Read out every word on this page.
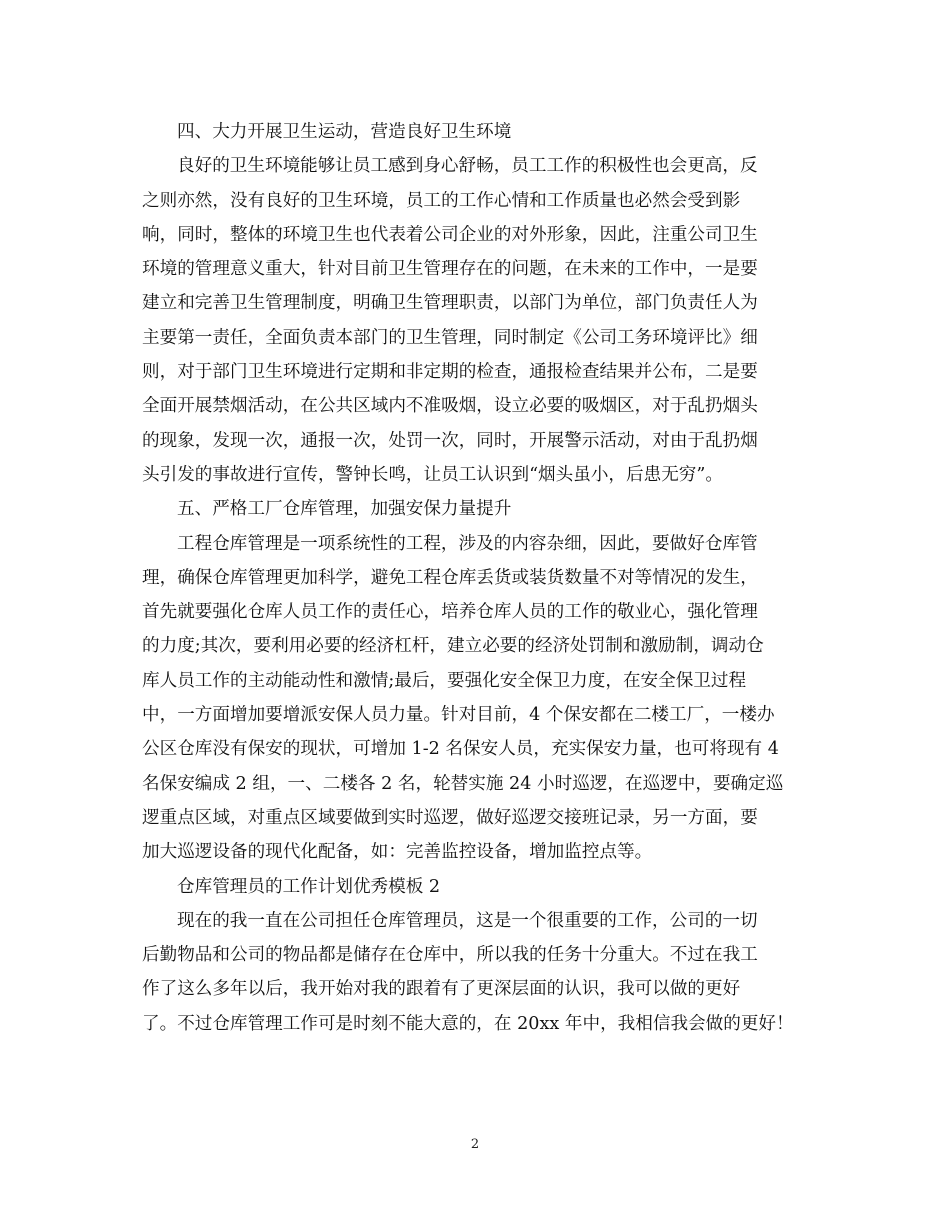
四、大力开展卫生运动，营造良好卫生环境
良好的卫生环境能够让员工感到身心舒畅，员工工作的积极性也会更高，反
之则亦然，没有良好的卫生环境，员工的工作心情和工作质量也必然会受到影
响，同时，整体的环境卫生也代表着公司企业的对外形象，因此，注重公司卫生
环境的管理意义重大，针对目前卫生管理存在的问题，在未来的工作中，一是要
建立和完善卫生管理制度，明确卫生管理职责，以部门为单位，部门负责任人为
主要第一责任，全面负责本部门的卫生管理，同时制定《公司工务环境评比》细
则，对于部门卫生环境进行定期和非定期的检查，通报检查结果并公布，二是要
全面开展禁烟活动，在公共区域内不准吸烟，设立必要的吸烟区，对于乱扔烟头
的现象，发现一次，通报一次，处罚一次，同时，开展警示活动，对由于乱扔烟
头引发的事故进行宣传，警钟长鸣，让员工认识到“烟头虽小，后患无穷”。
五、严格工厂仓库管理，加强安保力量提升
工程仓库管理是一项系统性的工程，涉及的内容杂细，因此，要做好仓库管
理，确保仓库管理更加科学，避免工程仓库丢货或装货数量不对等情况的发生，
首先就要强化仓库人员工作的责任心，培养仓库人员的工作的敬业心，强化管理
的力度;其次，要利用必要的经济杠杆，建立必要的经济处罚制和激励制，调动仓
库人员工作的主动能动性和激情;最后，要强化安全保卫力度，在安全保卫过程
中，一方面增加要增派安保人员力量。针对目前，4 个保安都在二楼工厂，一楼办
公区仓库没有保安的现状，可增加 1-2 名保安人员，充实保安力量，也可将现有 4
名保安编成 2 组，一、二楼各 2 名，轮替实施 24 小时巡逻，在巡逻中，要确定巡
逻重点区域，对重点区域要做到实时巡逻，做好巡逻交接班记录，另一方面，要
加大巡逻设备的现代化配备，如：完善监控设备，增加监控点等。
仓库管理员的工作计划优秀模板 2
现在的我一直在公司担任仓库管理员，这是一个很重要的工作，公司的一切
后勤物品和公司的物品都是储存在仓库中，所以我的任务十分重大。不过在我工
作了这么多年以后，我开始对我的跟着有了更深层面的认识，我可以做的更好
了。不过仓库管理工作可是时刻不能大意的，在 20xx 年中，我相信我会做的更好！
2
